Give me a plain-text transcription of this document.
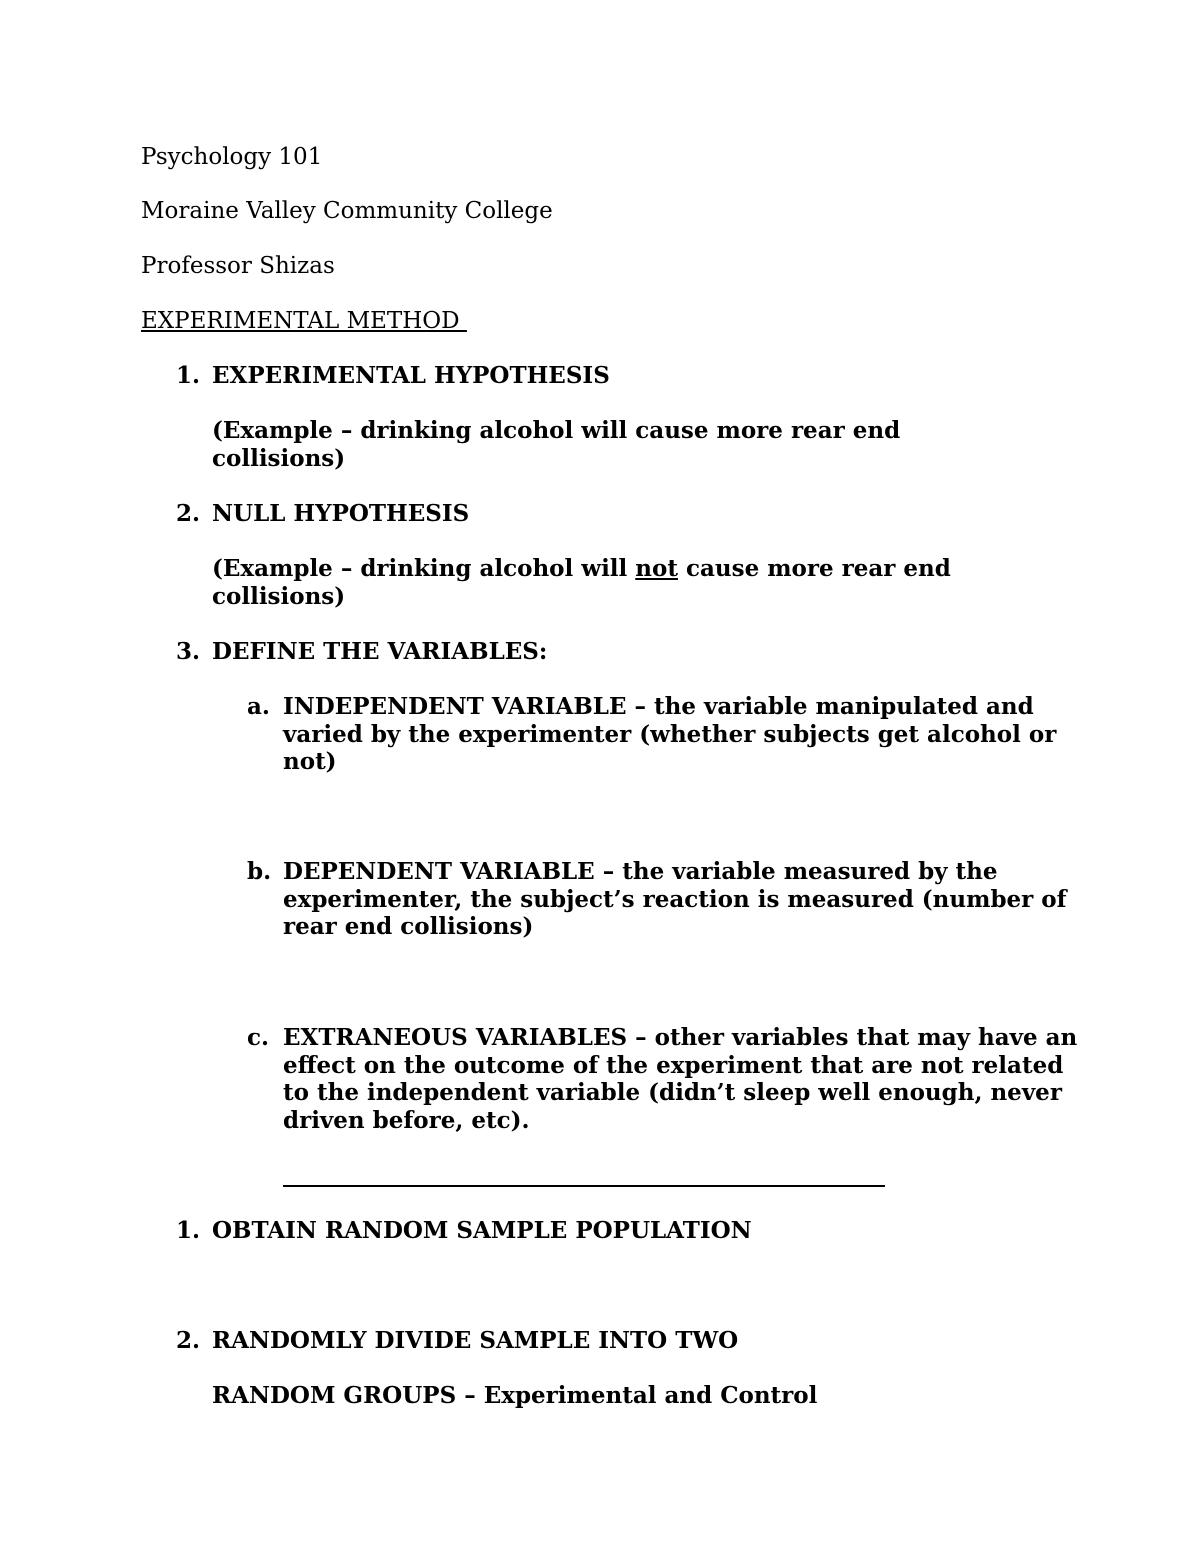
Psychology 101
Moraine Valley Community College
Professor Shizas
EXPERIMENTAL METHOD
1. EXPERIMENTAL HYPOTHESIS
(Example – drinking alcohol will cause more rear end collisions)
2. NULL HYPOTHESIS
(Example – drinking alcohol will not cause more rear end collisions)
3. DEFINE THE VARIABLES:
a. INDEPENDENT VARIABLE – the variable manipulated and varied by the experimenter (whether subjects get alcohol or not)
b. DEPENDENT VARIABLE – the variable measured by the experimenter, the subject’s reaction is measured (number of rear end collisions)
c. EXTRANEOUS VARIABLES – other variables that may have an effect on the outcome of the experiment that are not related to the independent variable (didn’t sleep well enough, never driven before, etc).
1. OBTAIN RANDOM SAMPLE POPULATION
2. RANDOMLY DIVIDE SAMPLE INTO TWO
RANDOM GROUPS – Experimental and Control
